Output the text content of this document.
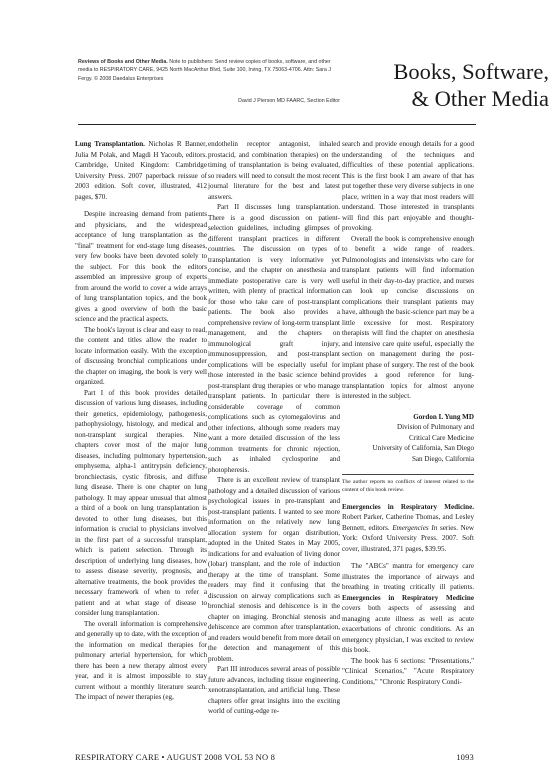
Reviews of Books and Other Media. Note to publishers: Send review copies of books, software, and other media to RESPIRATORY CARE, 9425 North MacArthur Blvd, Suite 100, Irving, TX 75063-4706. Attn: Sara J Fergy. © 2008 Daedalus Enterprises
David J Pierson MD FAARC, Section Editor
Books, Software,
& Other Media

Lung Transplantation. Nicholas R Banner, Julia M Polak, and Magdi H Yacoub, editors. Cambridge, United Kingdom: Cambridge University Press. 2007 paperback reissue of 2003 edition. Soft cover, illustrated, 412 pages, $70.

Despite increasing demand from patients and physicians, and the widespread acceptance of lung transplantation as the "final" treatment for end-stage lung diseases, very few books have been devoted solely to the subject. For this book the editors assembled an impressive group of experts from around the world to cover a wide arrays of lung transplantation topics, and the book gives a good overview of both the basic science and the practical aspects.

The book's layout is clear and easy to read, the content and titles allow the reader to locate information easily. With the exception of discussing bronchial complications under the chapter on imaging, the book is very well organized.

Part I of this book provides detailed discussion of various lung diseases, including their genetics, epidemiology, pathogenesis, pathophysiology, histology, and medical and non-transplant surgical therapies. Nine chapters cover most of the major lung diseases, including pulmonary hypertension, emphysema, alpha-1 antitrypsin deficiency, bronchiectasis, cystic fibrosis, and diffuse lung disease. There is one chapter on lung pathology. It may appear unusual that almost a third of a book on lung transplantation is devoted to other lung diseases, but this information is crucial to physicians involved in the first part of a successful transplant, which is patient selection. Through its description of underlying lung diseases, how to assess disease severity, prognosis, and alternative treatments, the book provides the necessary framework of when to refer a patient and at what stage of disease to consider lung transplantation.

The overall information is comprehensive and generally up to date, with the exception of the information on medical therapies for pulmonary arterial hypertension, for which there has been a new therapy almost every year, and it is almost impossible to stay current without a monthly literature search. The impact of newer therapies (eg,

endothelin receptor antagonist, inhaled prostacid, and combination therapies) on the timing of transplantation is being evaluated, so readers will need to consult the most recent journal literature for the best and latest answers.

Part II discusses lung transplantation. There is a good discussion on patient-selection guidelines, including glimpses of different transplant practices in different countries. The discussion on types of transplantation is very informative yet concise, and the chapter on anesthesia and immediate postoperative care is very well written, with plenty of practical information for those who take care of post-transplant patients. The book also provides a comprehensive review of long-term transplant management, and the chapters on immunological graft injury, immunosuppression, and post-transplant complications will be especially useful for those interested in the basic science behind post-transplant drug therapies or who manage transplant patients. In particular there is considerable coverage of common complications such as cytomegalovirus and other infections, although some readers may want a more detailed discussion of the less common treatments for chronic rejection, such as inhaled cyclosporine and photopheresis.

There is an excellent review of transplant pathology and a detailed discussion of various psychological issues in pre-transplant and post-transplant patients. I wanted to see more information on the relatively new lung allocation system for organ distribution, adopted in the United States in May 2005, indications for and evaluation of living donor (lobar) transplant, and the role of induction therapy at the time of transplant. Some readers may find it confusing that the discussion on airway complications such as bronchial stenosis and dehiscence is in the chapter on imaging. Bronchial stenosis and dehiscence are common after transplantation, and readers would benefit from more detail on the detection and management of this problem.

Part III introduces several areas of possible future advances, including tissue engineering, xenotransplantation, and artificial lung. These chapters offer great insights into the exciting world of cutting-edge re-

search and provide enough details for a good understanding of the techniques and difficulties of these potential applications. This is the first book I am aware of that has put together these very diverse subjects in one place, written in a way that most readers will understand. Those interested in transplants will find this part enjoyable and thought-provoking.

Overall the book is comprehensive enough to benefit a wide range of readers. Pulmonologists and intensivists who care for transplant patients will find information useful in their day-to-day practice, and nurses can look up concise discussions on complications their transplant patients may have, although the basic-science part may be a little excessive for most. Respiratory therapists will find the chapter on anesthesia and intensive care quite useful, especially the section on management during the post-implant phase of surgery. The rest of the book provides a good reference for lung-transplantation topics for almost anyone interested in the subject.

Gordon L Yung MD

Division of Pulmonary and

Critical Care Medicine

University of California, San Diego

San Diego, California

The author reports no conflicts of interest related to the content of this book review.

Emergencies in Respiratory Medicine. Robert Parker, Catherine Thomas, and Lesley Bennett, editors. Emergencies In series. New York: Oxford University Press. 2007. Soft cover, illustrated, 371 pages, $39.95.

The "ABCs" mantra for emergency care illustrates the importance of airways and breathing in treating critically ill patients. Emergencies in Respiratory Medicine covers both aspects of assessing and managing acute illness as well as acute exacerbations of chronic conditions. As an emergency physician, I was excited to review this book.

The book has 6 sections: "Presentations," "Clinical Scenarios," "Acute Respiratory Conditions," "Chronic Respiratory Condi-

RESPIRATORY CARE • AUGUST 2008 VOL 53 NO 8	1093
